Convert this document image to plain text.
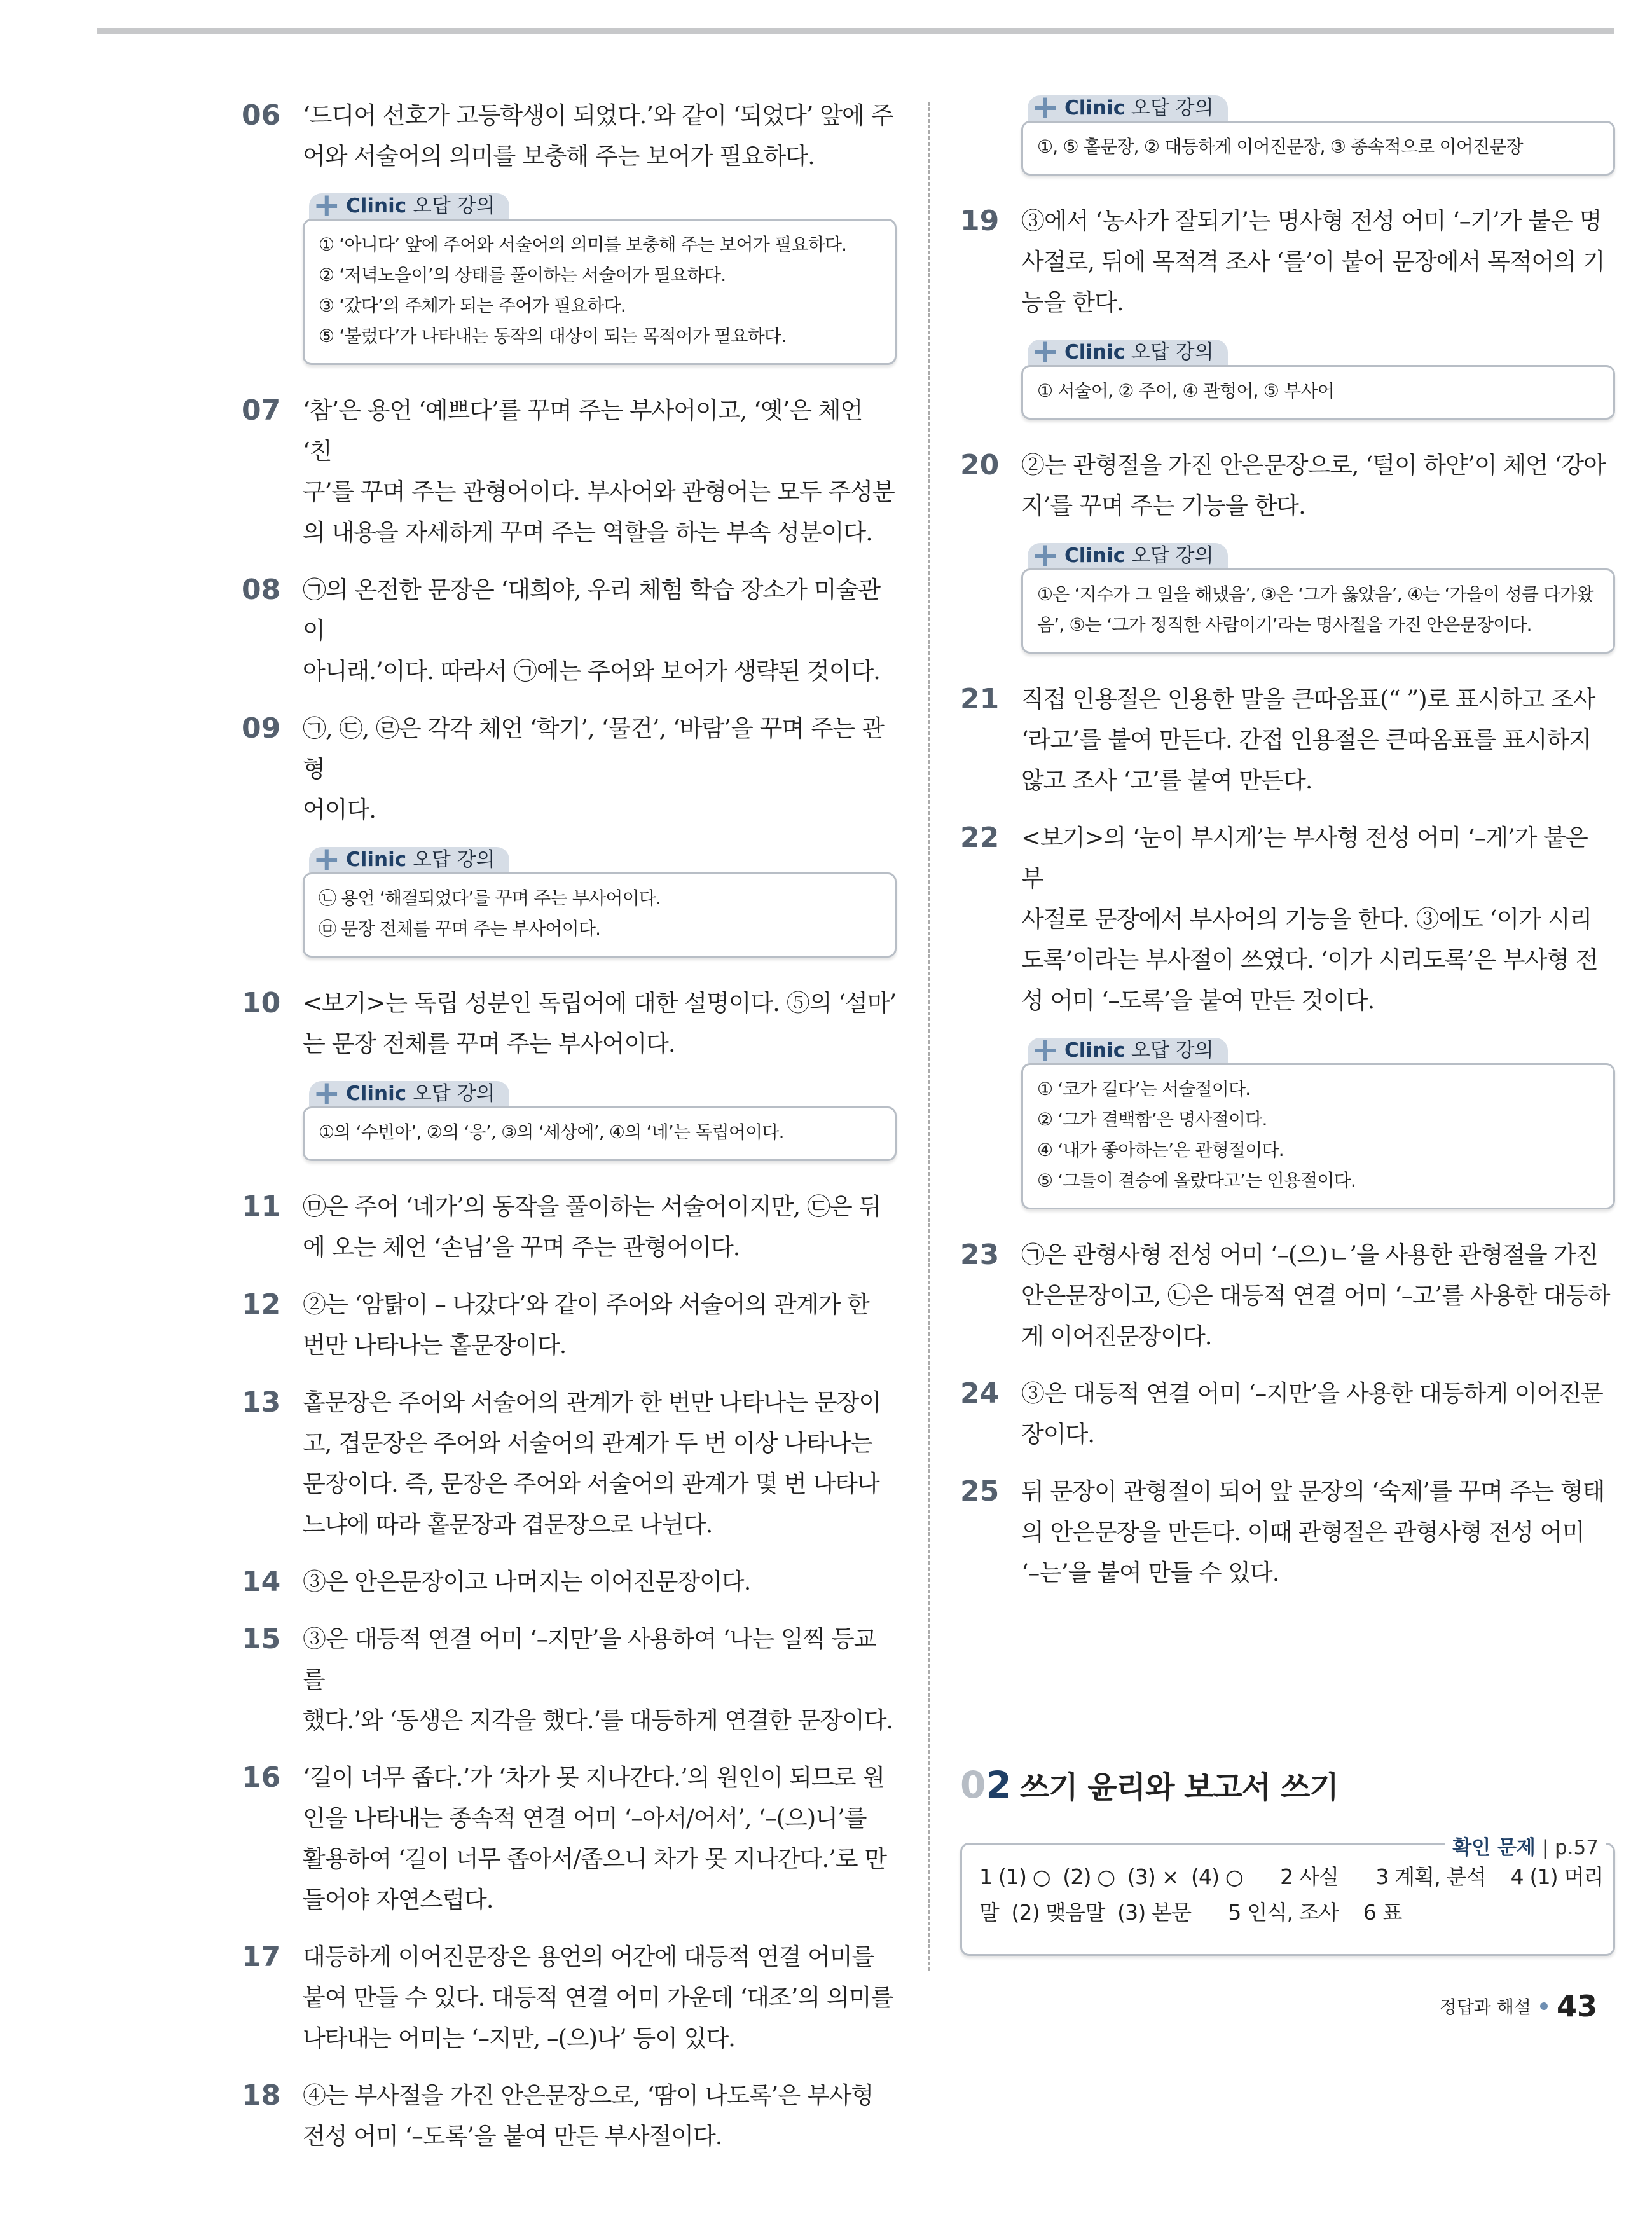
06 ‘드디어 선호가 고등학생이 되었다.’와 같이 ‘되었다’ 앞에 주
어와 서술어의 의미를 보충해 주는 보어가 필요하다.
+ Clinic 오답 강의
① ‘아니다’ 앞에 주어와 서술어의 의미를 보충해 주는 보어가 필요하다.
② ‘저녁노을이’의 상태를 풀이하는 서술어가 필요하다.
③ ‘갔다’의 주체가 되는 주어가 필요하다.
⑤ ‘불렀다’가 나타내는 동작의 대상이 되는 목적어가 필요하다.
07 ‘참’은 용언 ‘예쁘다’를 꾸며 주는 부사어이고, ‘옛’은 체언 ‘친
구’를 꾸며 주는 관형어이다. 부사어와 관형어는 모두 주성분
의 내용을 자세하게 꾸며 주는 역할을 하는 부속 성분이다.
08 ㉠의 온전한 문장은 ‘대희야, 우리 체험 학습 장소가 미술관이
아니래.’이다. 따라서 ㉠에는 주어와 보어가 생략된 것이다.
09 ㉠, ㉢, ㉣은 각각 체언 ‘학기’, ‘물건’, ‘바람’을 꾸며 주는 관형
어이다.
+ Clinic 오답 강의
㉡ 용언 ‘해결되었다’를 꾸며 주는 부사어이다.
㉤ 문장 전체를 꾸며 주는 부사어이다.
10 <보기>는 독립 성분인 독립어에 대한 설명이다. ⑤의 ‘설마’
는 문장 전체를 꾸며 주는 부사어이다.
+ Clinic 오답 강의
①의 ‘수빈아’, ②의 ‘응’, ③의 ‘세상에’, ④의 ‘네’는 독립어이다.
11 ㉤은 주어 ‘네가’의 동작을 풀이하는 서술어이지만, ㉢은 뒤
에 오는 체언 ‘손님’을 꾸며 주는 관형어이다.
12 ②는 ‘암탉이 – 나갔다’와 같이 주어와 서술어의 관계가 한
번만 나타나는 홑문장이다.
13 홑문장은 주어와 서술어의 관계가 한 번만 나타나는 문장이
고, 겹문장은 주어와 서술어의 관계가 두 번 이상 나타나는
문장이다. 즉, 문장은 주어와 서술어의 관계가 몇 번 나타나
느냐에 따라 홑문장과 겹문장으로 나뉜다.
14 ③은 안은문장이고 나머지는 이어진문장이다.
15 ③은 대등적 연결 어미 ‘–지만’을 사용하여 ‘나는 일찍 등교를
했다.’와 ‘동생은 지각을 했다.’를 대등하게 연결한 문장이다.
16 ‘길이 너무 좁다.’가 ‘차가 못 지나간다.’의 원인이 되므로 원
인을 나타내는 종속적 연결 어미 ‘–아서/어서’, ‘–(으)니’를
활용하여 ‘길이 너무 좁아서/좁으니 차가 못 지나간다.’로 만
들어야 자연스럽다.
17 대등하게 이어진문장은 용언의 어간에 대등적 연결 어미를
붙여 만들 수 있다. 대등적 연결 어미 가운데 ‘대조’의 의미를
나타내는 어미는 ‘–지만, –(으)나’ 등이 있다.
18 ④는 부사절을 가진 안은문장으로, ‘땀이 나도록’은 부사형
전성 어미 ‘–도록’을 붙여 만든 부사절이다.
+ Clinic 오답 강의
①, ⑤ 홑문장, ② 대등하게 이어진문장, ③ 종속적으로 이어진문장
19 ③에서 ‘농사가 잘되기’는 명사형 전성 어미 ‘–기’가 붙은 명
사절로, 뒤에 목적격 조사 ‘를’이 붙어 문장에서 목적어의 기
능을 한다.
+ Clinic 오답 강의
① 서술어, ② 주어, ④ 관형어, ⑤ 부사어
20 ②는 관형절을 가진 안은문장으로, ‘털이 하얀’이 체언 ‘강아
지’를 꾸며 주는 기능을 한다.
+ Clinic 오답 강의
①은 ‘지수가 그 일을 해냈음’, ③은 ‘그가 옳았음’, ④는 ‘가을이 성큼 다가왔
음’, ⑤는 ‘그가 정직한 사람이기’라는 명사절을 가진 안은문장이다.
21 직접 인용절은 인용한 말을 큰따옴표(“ ”)로 표시하고 조사
‘라고’를 붙여 만든다. 간접 인용절은 큰따옴표를 표시하지
않고 조사 ‘고’를 붙여 만든다.
22 <보기>의 ‘눈이 부시게’는 부사형 전성 어미 ‘–게’가 붙은 부
사절로 문장에서 부사어의 기능을 한다. ③에도 ‘이가 시리
도록’이라는 부사절이 쓰였다. ‘이가 시리도록’은 부사형 전
성 어미 ‘–도록’을 붙여 만든 것이다.
+ Clinic 오답 강의
① ‘코가 길다’는 서술절이다.
② ‘그가 결백함’은 명사절이다.
④ ‘내가 좋아하는’은 관형절이다.
⑤ ‘그들이 결승에 올랐다고’는 인용절이다.
23 ㉠은 관형사형 전성 어미 ‘–(으)ㄴ’을 사용한 관형절을 가진
안은문장이고, ㉡은 대등적 연결 어미 ‘–고’를 사용한 대등하
게 이어진문장이다.
24 ③은 대등적 연결 어미 ‘–지만’을 사용한 대등하게 이어진문
장이다.
25 뒤 문장이 관형절이 되어 앞 문장의 ‘숙제’를 꾸며 주는 형태
의 안은문장을 만든다. 이때 관형절은 관형사형 전성 어미
‘–는’을 붙여 만들 수 있다.
02 쓰기 윤리와 보고서 쓰기
확인 문제 | p.57
1 (1) ○  (2) ○  (3) ×  (4) ○      2 사실      3 계획, 분석    4 (1) 머리
말  (2) 맺음말  (3) 본문      5 인식, 조사    6 표
정답과 해설 43
